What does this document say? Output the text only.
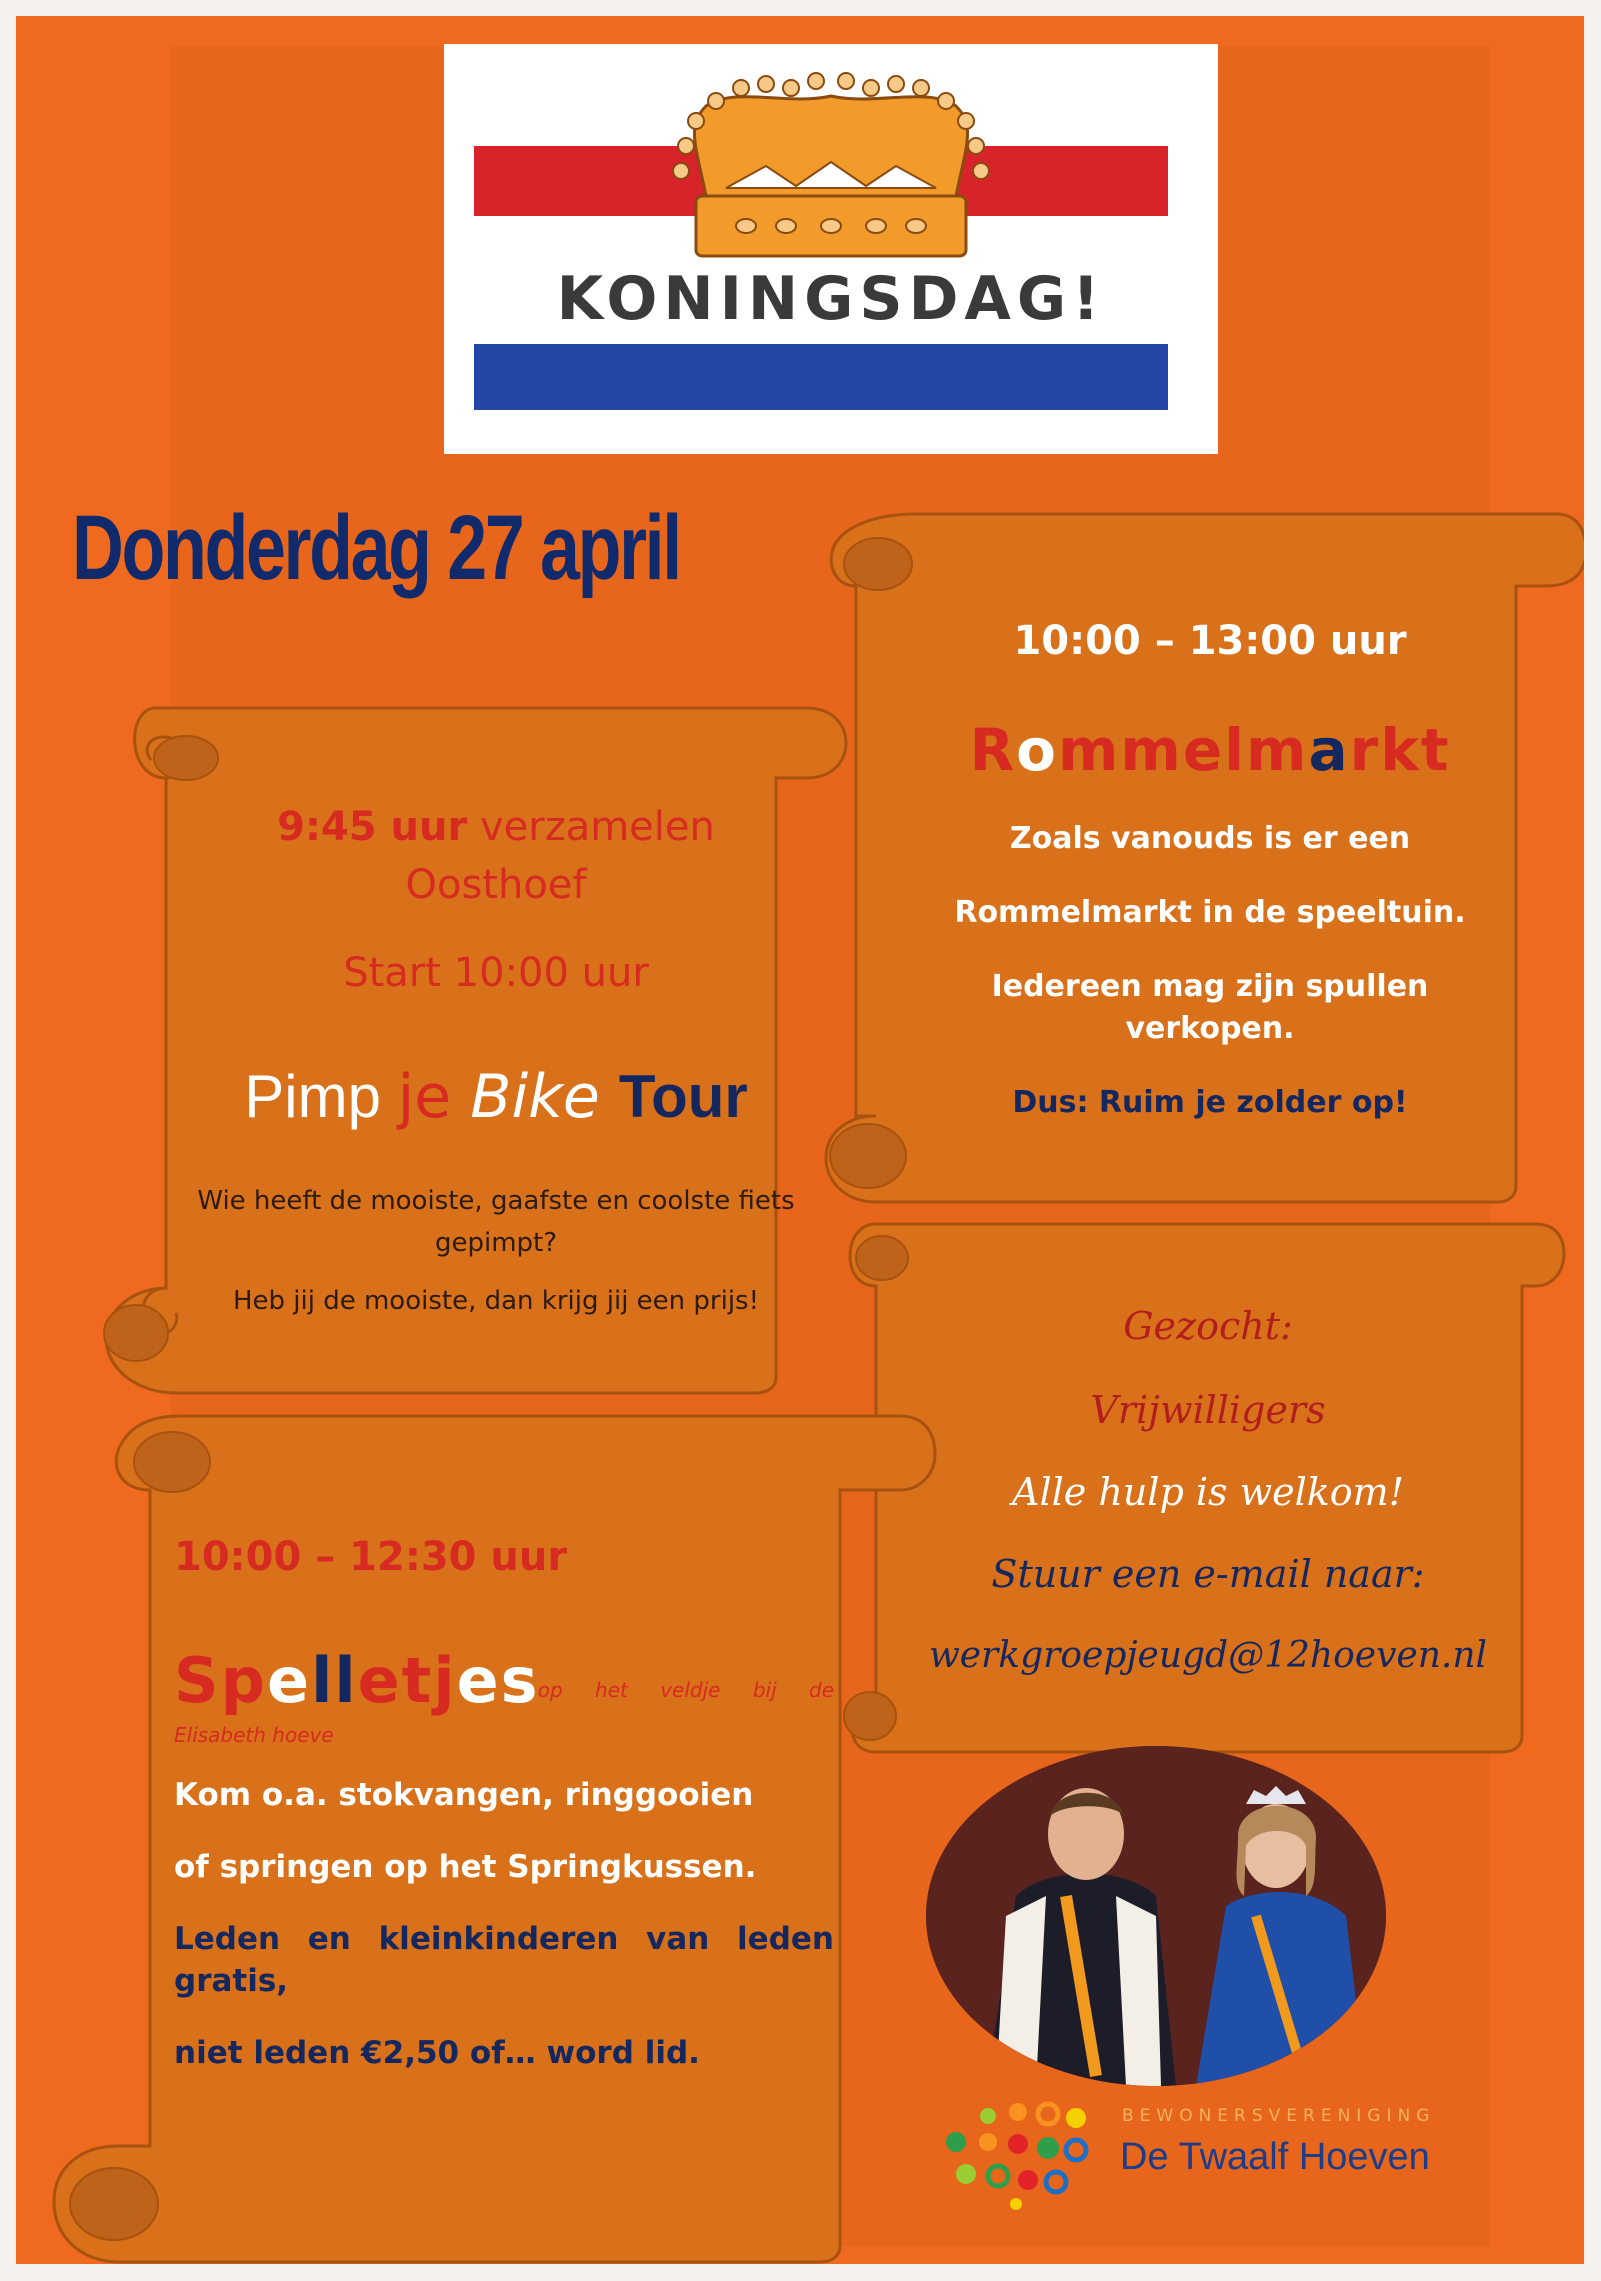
KONINGSDAG!
Donderdag 27 april

9:45 uur verzamelen

Oosthoef

Start 10:00 uur

Pimp je Bike Tour

Wie heeft de mooiste, gaafste en coolste fiets gepimpt?

Heb jij de mooiste, dan krijg jij een prijs!

10:00 – 13:00 uur

Rommelmarkt

Zoals vanouds is er een

Rommelmarkt in de speeltuin.

Iedereen mag zijn spullen verkopen.

Dus: Ruim je zolder op!

Gezocht:

Vrijwilligers

Alle hulp is welkom!

Stuur een e-mail naar:

werkgroepjeugd@12hoeven.nl

10:00 – 12:30 uur

Spelletjes
op het veldje bij de

Elisabeth hoeve

Kom o.a. stokvangen, ringgooien

of springen op het Springkussen.

Leden en kleinkinderen van leden

gratis,

niet leden €2,50 of… word lid.

BEWONERSVERENIGING
De Twaalf Hoeven
